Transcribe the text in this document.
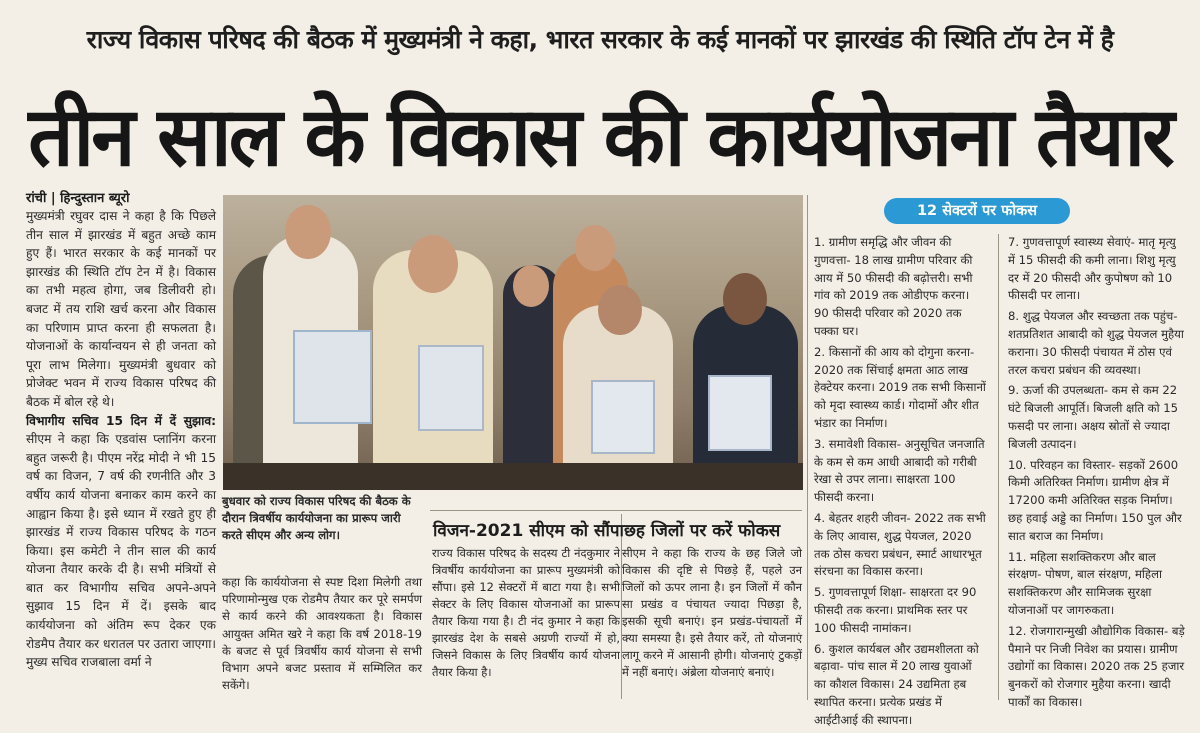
राज्य विकास परिषद की बैठक में मुख्यमंत्री ने कहा, भारत सरकार के कई मानकों पर झारखंड की स्थिति टॉप टेन में है
तीन साल के विकास की कार्ययोजना तैयार
रांची | हिन्दुस्तान ब्यूरो
मुख्यमंत्री रघुवर दास ने कहा है कि पिछले तीन साल में झारखंड में बहुत अच्छे काम हुए हैं। भारत सरकार के कई मानकों पर झारखंड की स्थिति टॉप टेन में है। विकास का तभी महत्व होगा, जब डिलीवरी हो। बजट में तय राशि खर्च करना और विकास का परिणाम प्राप्त करना ही सफलता है। योजनाओं के कार्यान्वयन से ही जनता को पूरा लाभ मिलेगा। मुख्यमंत्री बुधवार को प्रोजेक्ट भवन में राज्य विकास परिषद की बैठक में बोल रहे थे।
विभागीय सचिव 15 दिन में दें सुझाव: सीएम ने कहा कि एडवांस प्लानिंग करना बहुत जरूरी है। पीएम नरेंद्र मोदी ने भी 15 वर्ष का विजन, 7 वर्ष की रणनीति और 3 वर्षीय कार्य योजना बनाकर काम करने का आह्वान किया है। इसे ध्यान में रखते हुए ही झारखंड में राज्य विकास परिषद के गठन किया। इस कमेटी ने तीन साल की कार्य योजना तैयार करके दी है। सभी मंत्रियों से बात कर विभागीय सचिव अपने-अपने सुझाव 15 दिन में दें। इसके बाद कार्ययोजना को अंतिम रूप देकर एक रोडमैप तैयार कर धरातल पर उतारा जाएगा। मुख्य सचिव राजबाला वर्मा ने
बुधवार को राज्य विकास परिषद की बैठक के दौरान त्रिवर्षीय कार्ययोजना का प्रारूप जारी करते सीएम और अन्य लोग।
कहा कि कार्ययोजना से स्पष्ट दिशा मिलेगी तथा परिणामोन्मुख एक रोडमैप तैयार कर पूरे समर्पण से कार्य करने की आवश्यकता है। विकास आयुक्त अमित खरे ने कहा कि वर्ष 2018-19 के बजट से पूर्व त्रिवर्षीय कार्य योजना से सभी विभाग अपने बजट प्रस्ताव में सम्मिलित कर सकेंगे।
विजन-2021 सीएम को सौंपा
राज्य विकास परिषद के सदस्य टी नंदकुमार ने त्रिवर्षीय कार्ययोजना का प्रारूप मुख्यमंत्री को सौंपा। इसे 12 सेक्टरों में बाटा गया है। सभी सेक्टर के लिए विकास योजनाओं का प्रारूप तैयार किया गया है। टी नंद कुमार ने कहा कि झारखंड देश के सबसे अग्रणी राज्यों में हो, जिसने विकास के लिए त्रिवर्षीय कार्य योजना तैयार किया है।
छह जिलों पर करें फोकस
सीएम ने कहा कि राज्य के छह जिले जो विकास की दृष्टि से पिछड़े हैं, पहले उन जिलों को ऊपर लाना है। इन जिलों में कौन सा प्रखंड व पंचायत ज्यादा पिछड़ा है, इसकी सूची बनाएं। इन प्रखंड-पंचायतों में क्या समस्या है। इसे तैयार करें, तो योजनाएं लागू करने में आसानी होगी। योजनाएं टुकड़ों में नहीं बनाएं। अंब्रेला योजनाएं बनाएं।
12 सेक्टरों पर फोकस
1. ग्रामीण समृद्धि और जीवन की गुणवत्ता- 18 लाख ग्रामीण परिवार की आय में 50 फीसदी की बढ़ोत्तरी। सभी गांव को 2019 तक ओडीएफ करना। 90 फीसदी परिवार को 2020 तक पक्का घर।
2. किसानों की आय को दोगुना करना- 2020 तक सिंचाई क्षमता आठ लाख हेक्टेयर करना। 2019 तक सभी किसानों को मृदा स्वास्थ्य कार्ड। गोदामों और शीत भंडार का निर्माण।
3. समावेशी विकास- अनुसूचित जनजाति के कम से कम आधी आबादी को गरीबी रेखा से उपर लाना। साक्षरता 100 फीसदी करना।
4. बेहतर शहरी जीवन- 2022 तक सभी के लिए आवास, शुद्ध पेयजल, 2020 तक ठोस कचरा प्रबंधन, स्मार्ट आधारभूत संरचना का विकास करना।
5. गुणवत्तापूर्ण शिक्षा- साक्षरता दर 90 फीसदी तक करना। प्राथमिक स्तर पर 100 फीसदी नामांकन।
6. कुशल कार्यबल और उद्यमशीलता को बढ़ावा- पांच साल में 20 लाख युवाओं का कौशल विकास। 24 उद्यमिता हब स्थापित करना। प्रत्येक प्रखंड में आईटीआई की स्थापना।
7. गुणवत्तापूर्ण स्वास्थ्य सेवाएं- मातृ मृत्यु में 15 फीसदी की कमी लाना। शिशु मृत्यु दर में 20 फीसदी और कुपोषण को 10 फीसदी पर लाना।
8. शुद्ध पेयजल और स्वच्छता तक पहुंच- शतप्रतिशत आबादी को शुद्ध पेयजल मुहैया कराना। 30 फीसदी पंचायत में ठोस एवं तरल कचरा प्रबंधन की व्यवस्था।
9. ऊर्जा की उपलब्धता- कम से कम 22 घंटे बिजली आपूर्ति। बिजली क्षति को 15 फसदी पर लाना। अक्षय स्रोतों से ज्यादा बिजली उत्पादन।
10. परिवहन का विस्तार- सड़कों 2600 किमी अतिरिक्त निर्माण। ग्रामीण क्षेत्र में 17200 कमी अतिरिक्त सड़क निर्माण। छह हवाई अड्डे का निर्माण। 150 पुल और सात बराज का निर्माण।
11. महिला सशक्तिकरण और बाल संरक्षण- पोषण, बाल संरक्षण, महिला सशक्तिकरण और सामिजक सुरक्षा योजनाओं पर जागरुकता।
12. रोजगारान्मुखी औद्योगिक विकास- बड़े पैमाने पर निजी निवेश का प्रयास। ग्रामीण उद्योगों का विकास। 2020 तक 25 हजार बुनकरों को रोजगार मुहैया करना। खादी पार्कों का विकास।
